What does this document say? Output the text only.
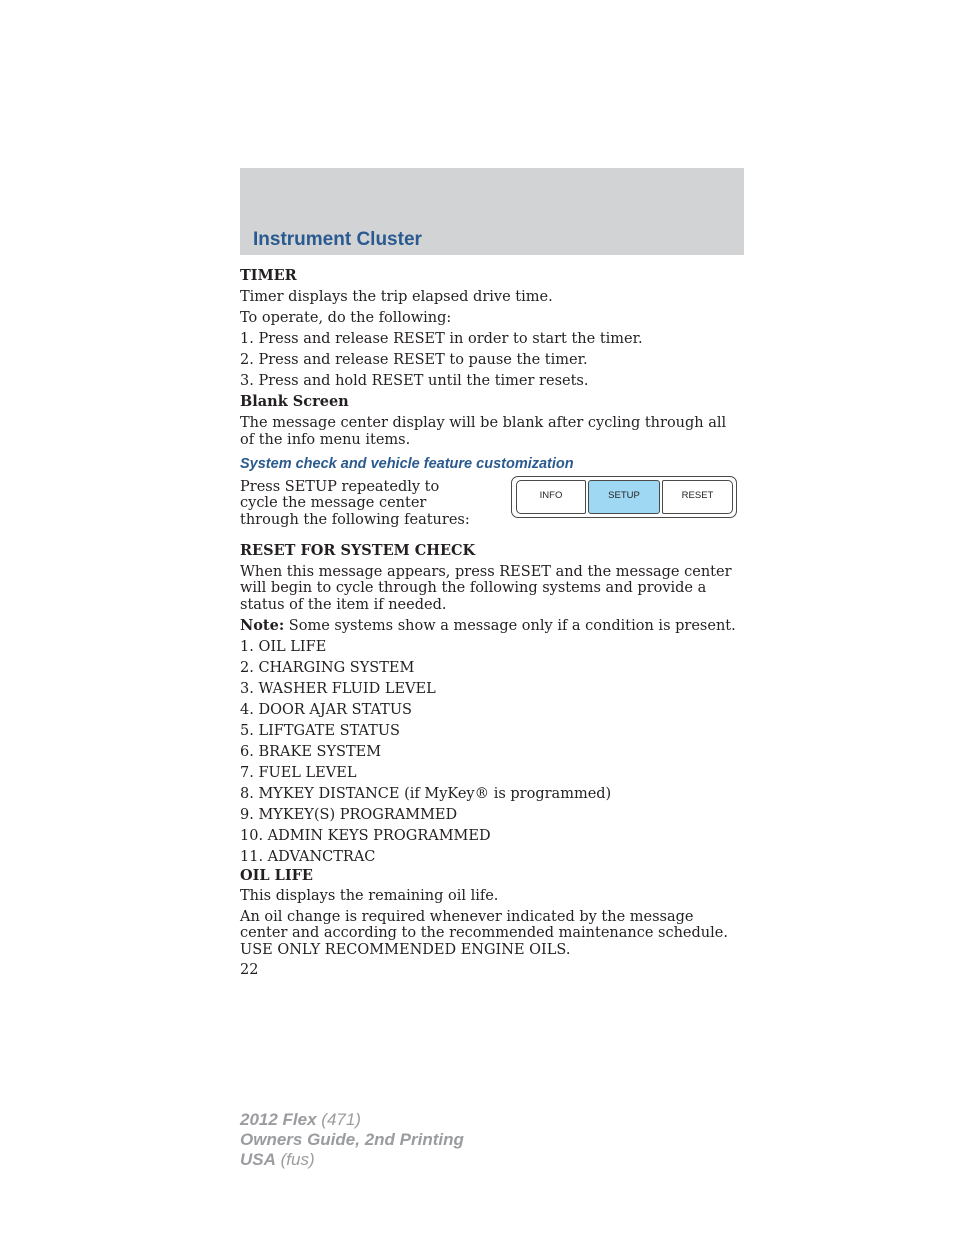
Instrument Cluster

TIMER

Timer displays the trip elapsed drive time.

To operate, do the following:

1. Press and release RESET in order to start the timer.

2. Press and release RESET to pause the timer.

3. Press and hold RESET until the timer resets.

Blank Screen

The message center display will be blank after cycling through all of the info menu items.

System check and vehicle feature customization

Press SETUP repeatedly to cycle the message center through the following features:

INFO	SETUP	RESET

RESET FOR SYSTEM CHECK

When this message appears, press RESET and the message center will begin to cycle through the following systems and provide a status of the item if needed.

Note: Some systems show a message only if a condition is present.

1. OIL LIFE

2. CHARGING SYSTEM

3. WASHER FLUID LEVEL

4. DOOR AJAR STATUS

5. LIFTGATE STATUS

6. BRAKE SYSTEM

7. FUEL LEVEL

8. MYKEY DISTANCE (if MyKey® is programmed)

9. MYKEY(S) PROGRAMMED

10. ADMIN KEYS PROGRAMMED

11. ADVANCTRAC

OIL LIFE

This displays the remaining oil life.

An oil change is required whenever indicated by the message center and according to the recommended maintenance schedule. USE ONLY RECOMMENDED ENGINE OILS.

22

2012 Flex (471)

Owners Guide, 2nd Printing

USA (fus)
